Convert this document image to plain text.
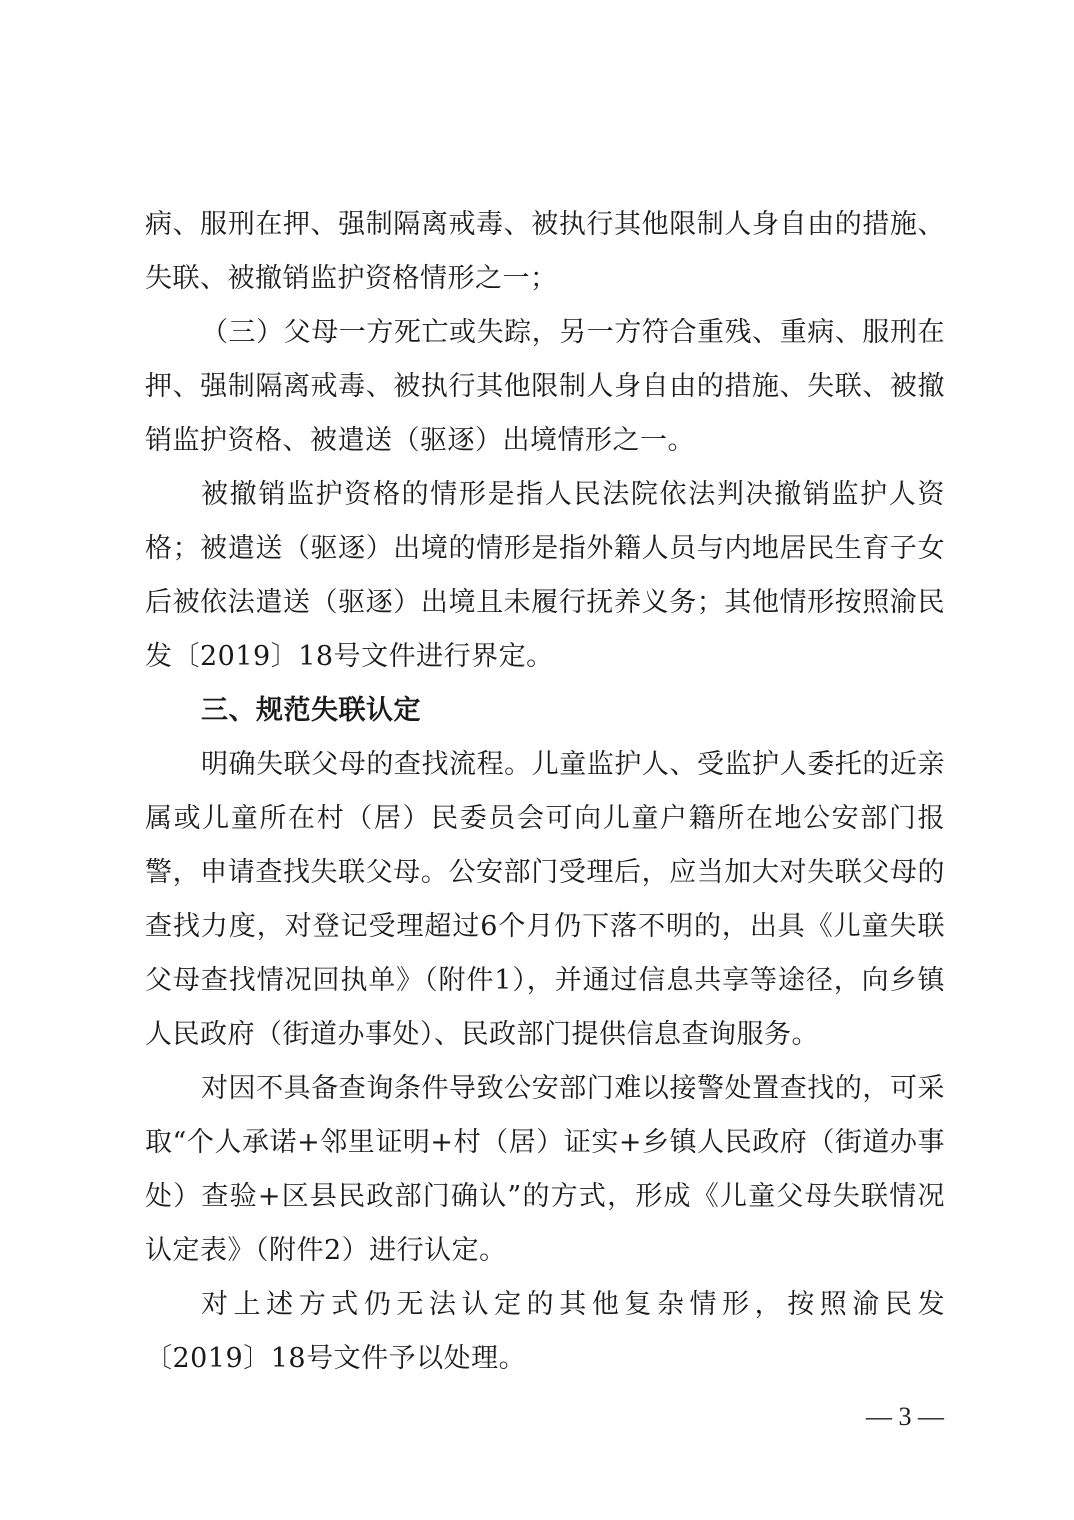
病、服刑在押、强制隔离戒毒、被执行其他限制人身自由的措施、失联、被撤销监护资格情形之一；

（三）父母一方死亡或失踪，另一方符合重残、重病、服刑在押、强制隔离戒毒、被执行其他限制人身自由的措施、失联、被撤销监护资格、被遣送（驱逐）出境情形之一。

被撤销监护资格的情形是指人民法院依法判决撤销监护人资格；被遣送（驱逐）出境的情形是指外籍人员与内地居民生育子女后被依法遣送（驱逐）出境且未履行抚养义务；其他情形按照渝民发〔2019〕18号文件进行界定。

三、规范失联认定

明确失联父母的查找流程。儿童监护人、受监护人委托的近亲属或儿童所在村（居）民委员会可向儿童户籍所在地公安部门报警，申请查找失联父母。公安部门受理后，应当加大对失联父母的查找力度，对登记受理超过6个月仍下落不明的，出具《儿童失联父母查找情况回执单》（附件1），并通过信息共享等途径，向乡镇人民政府（街道办事处）、民政部门提供信息查询服务。

对因不具备查询条件导致公安部门难以接警处置查找的，可采取“个人承诺+邻里证明+村（居）证实+乡镇人民政府（街道办事处）查验+区县民政部门确认”的方式，形成《儿童父母失联情况认定表》（附件2）进行认定。

对上述方式仍无法认定的其他复杂情形，按照渝民发〔2019〕18号文件予以处理。

— 3 —
